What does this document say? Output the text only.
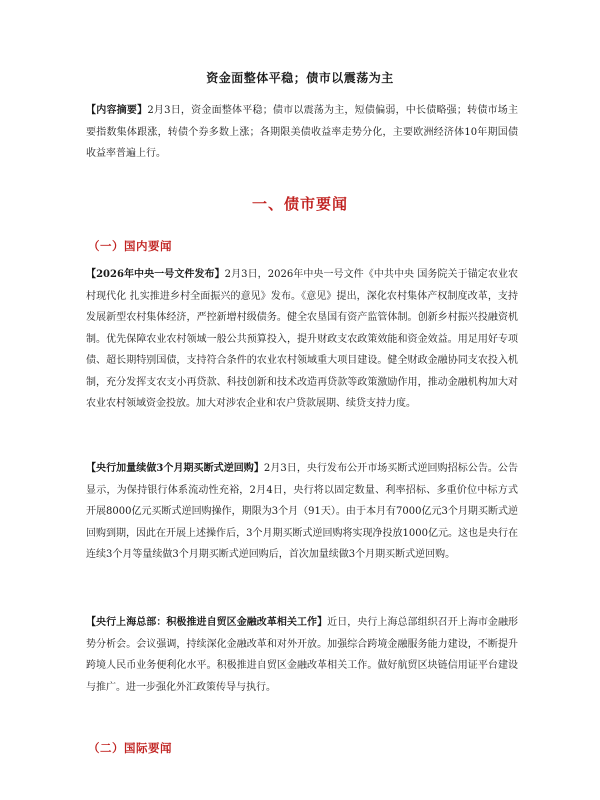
资金面整体平稳；债市以震荡为主

【内容摘要】2月3日，资金面整体平稳；债市以震荡为主，短债偏弱，中长债略强；转债市场主要指数集体跟涨，转债个券多数上涨；各期限美债收益率走势分化，主要欧洲经济体10年期国债收益率普遍上行。

一、债市要闻
（一）国内要闻

【2026年中央一号文件发布】2月3日，2026年中央一号文件《中共中央 国务院关于锚定农业农村现代化 扎实推进乡村全面振兴的意见》发布。《意见》提出，深化农村集体产权制度改革，支持发展新型农村集体经济，严控新增村级债务。健全农垦国有资产监管体制。创新乡村振兴投融资机制。优先保障农业农村领域一般公共预算投入，提升财政支农政策效能和资金效益。用足用好专项债、超长期特别国债，支持符合条件的农业农村领域重大项目建设。健全财政金融协同支农投入机制，充分发挥支农支小再贷款、科技创新和技术改造再贷款等政策激励作用，推动金融机构加大对农业农村领域资金投放。加大对涉农企业和农户贷款展期、续贷支持力度。

【央行加量续做3个月期买断式逆回购】2月3日，央行发布公开市场买断式逆回购招标公告。公告显示，为保持银行体系流动性充裕，2月4日，央行将以固定数量、利率招标、多重价位中标方式开展8000亿元买断式逆回购操作，期限为3个月（91天）。由于本月有7000亿元3个月期买断式逆回购到期，因此在开展上述操作后，3个月期买断式逆回购将实现净投放1000亿元。这也是央行在连续3个月等量续做3个月期买断式逆回购后，首次加量续做3个月期买断式逆回购。

【央行上海总部：积极推进自贸区金融改革相关工作】近日，央行上海总部组织召开上海市金融形势分析会。会议强调，持续深化金融改革和对外开放。加强综合跨境金融服务能力建设，不断提升跨境人民币业务便利化水平。积极推进自贸区金融改革相关工作。做好航贸区块链信用证平台建设与推广。进一步强化外汇政策传导与执行。

（二）国际要闻
